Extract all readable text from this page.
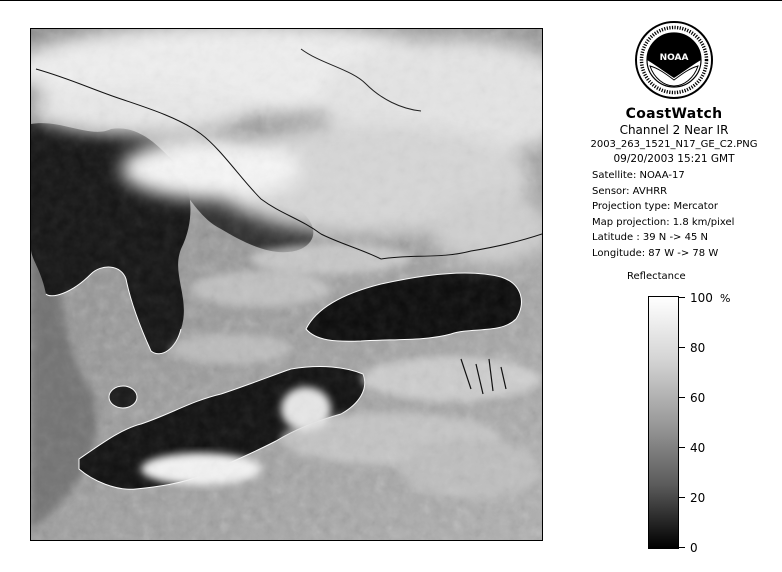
NOAA
CoastWatch
Channel 2 Near IR
2003_263_1521_N17_GE_C2.PNG
09/20/2003 15:21 GMT
Satellite: NOAA-17
Sensor: AVHRR
Projection type: Mercator
Map projection: 1.8 km/pixel
Latitude : 39 N -> 45 N
Longitude: 87 W -> 78 W
Reflectance
%
100
80
60
40
20
0
